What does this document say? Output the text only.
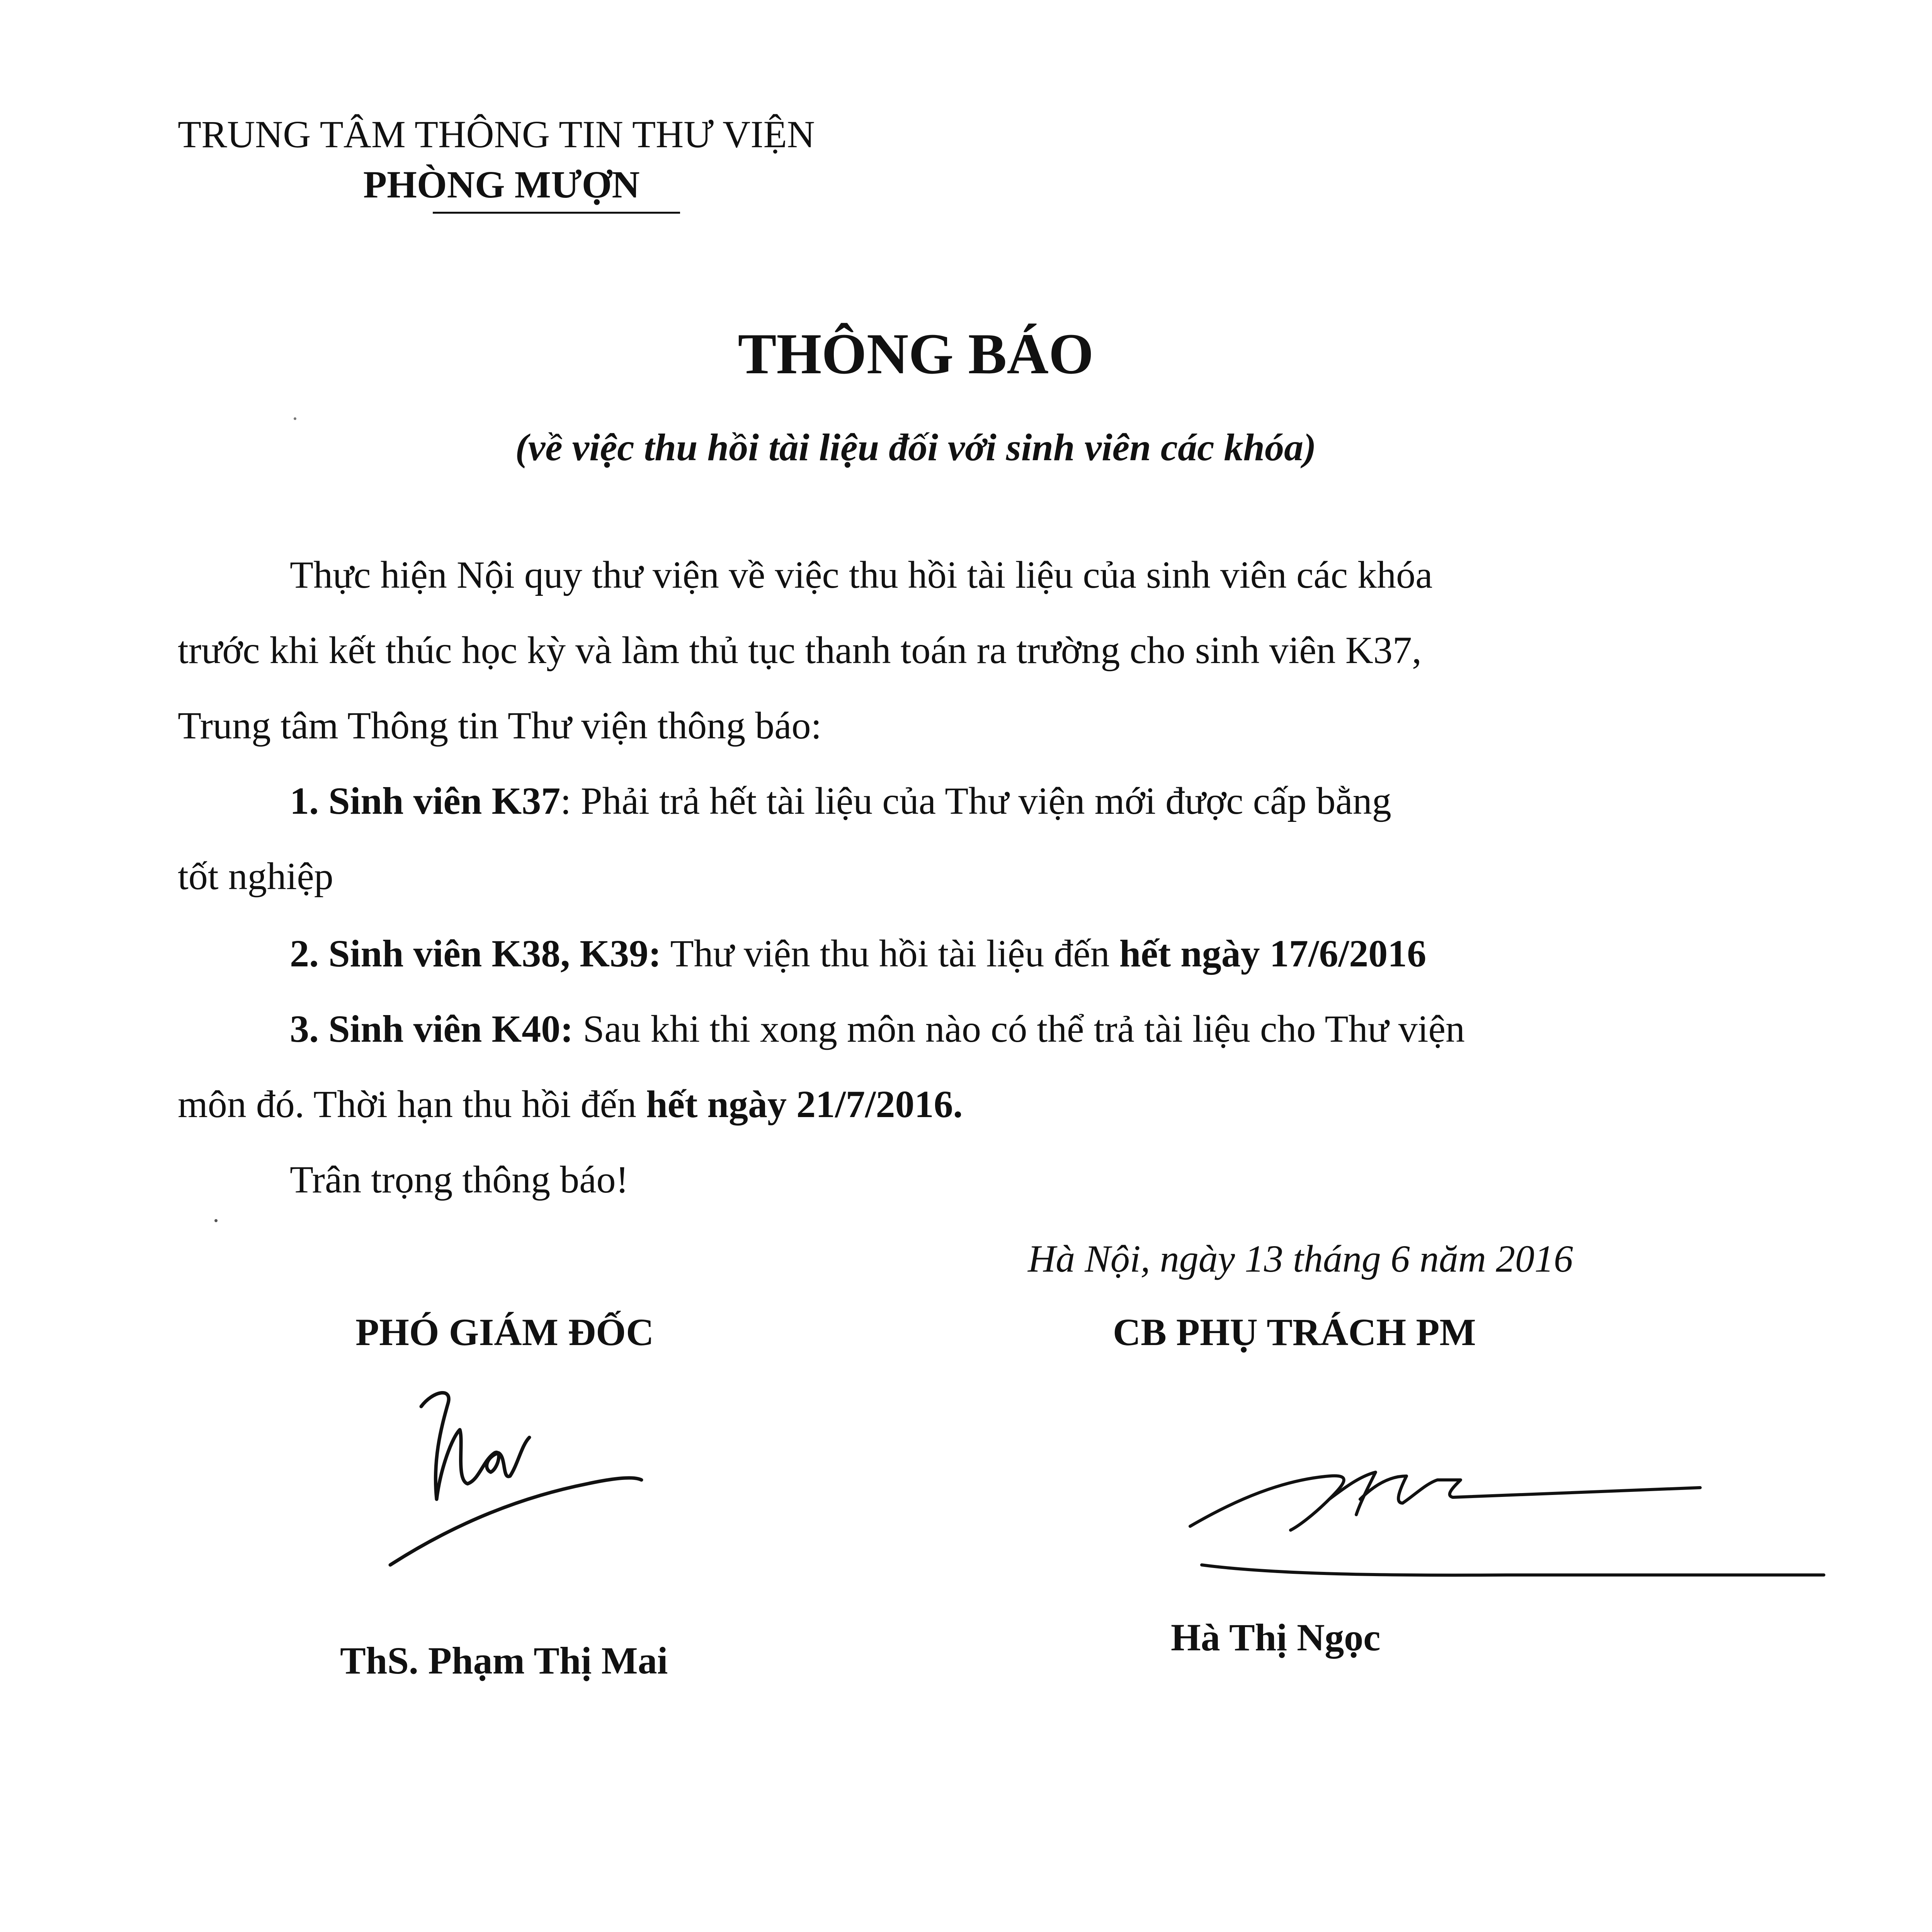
TRUNG TÂM THÔNG TIN THƯ VIỆN
PHÒNG MƯỢN
THÔNG BÁO
(về việc thu hồi tài liệu đối với sinh viên các khóa)
Thực hiện Nội quy thư viện về việc thu hồi tài liệu của sinh viên các khóa
trước khi kết thúc học kỳ và làm thủ tục thanh toán ra trường cho sinh viên K37,
Trung tâm Thông tin Thư viện thông báo:
1. Sinh viên K37: Phải trả hết tài liệu của Thư viện mới được cấp bằng
tốt nghiệp
2. Sinh viên K38, K39: Thư viện thu hồi tài liệu đến hết ngày 17/6/2016
3. Sinh viên K40: Sau khi thi xong môn nào có thể trả tài liệu cho Thư viện
môn đó. Thời hạn thu hồi đến hết ngày 21/7/2016.
Trân trọng thông báo!
Hà Nội, ngày 13 tháng 6 năm 2016
PHÓ GIÁM ĐỐC	CB PHỤ TRÁCH PM
ThS. Phạm Thị Mai
Hà Thị Ngọc
